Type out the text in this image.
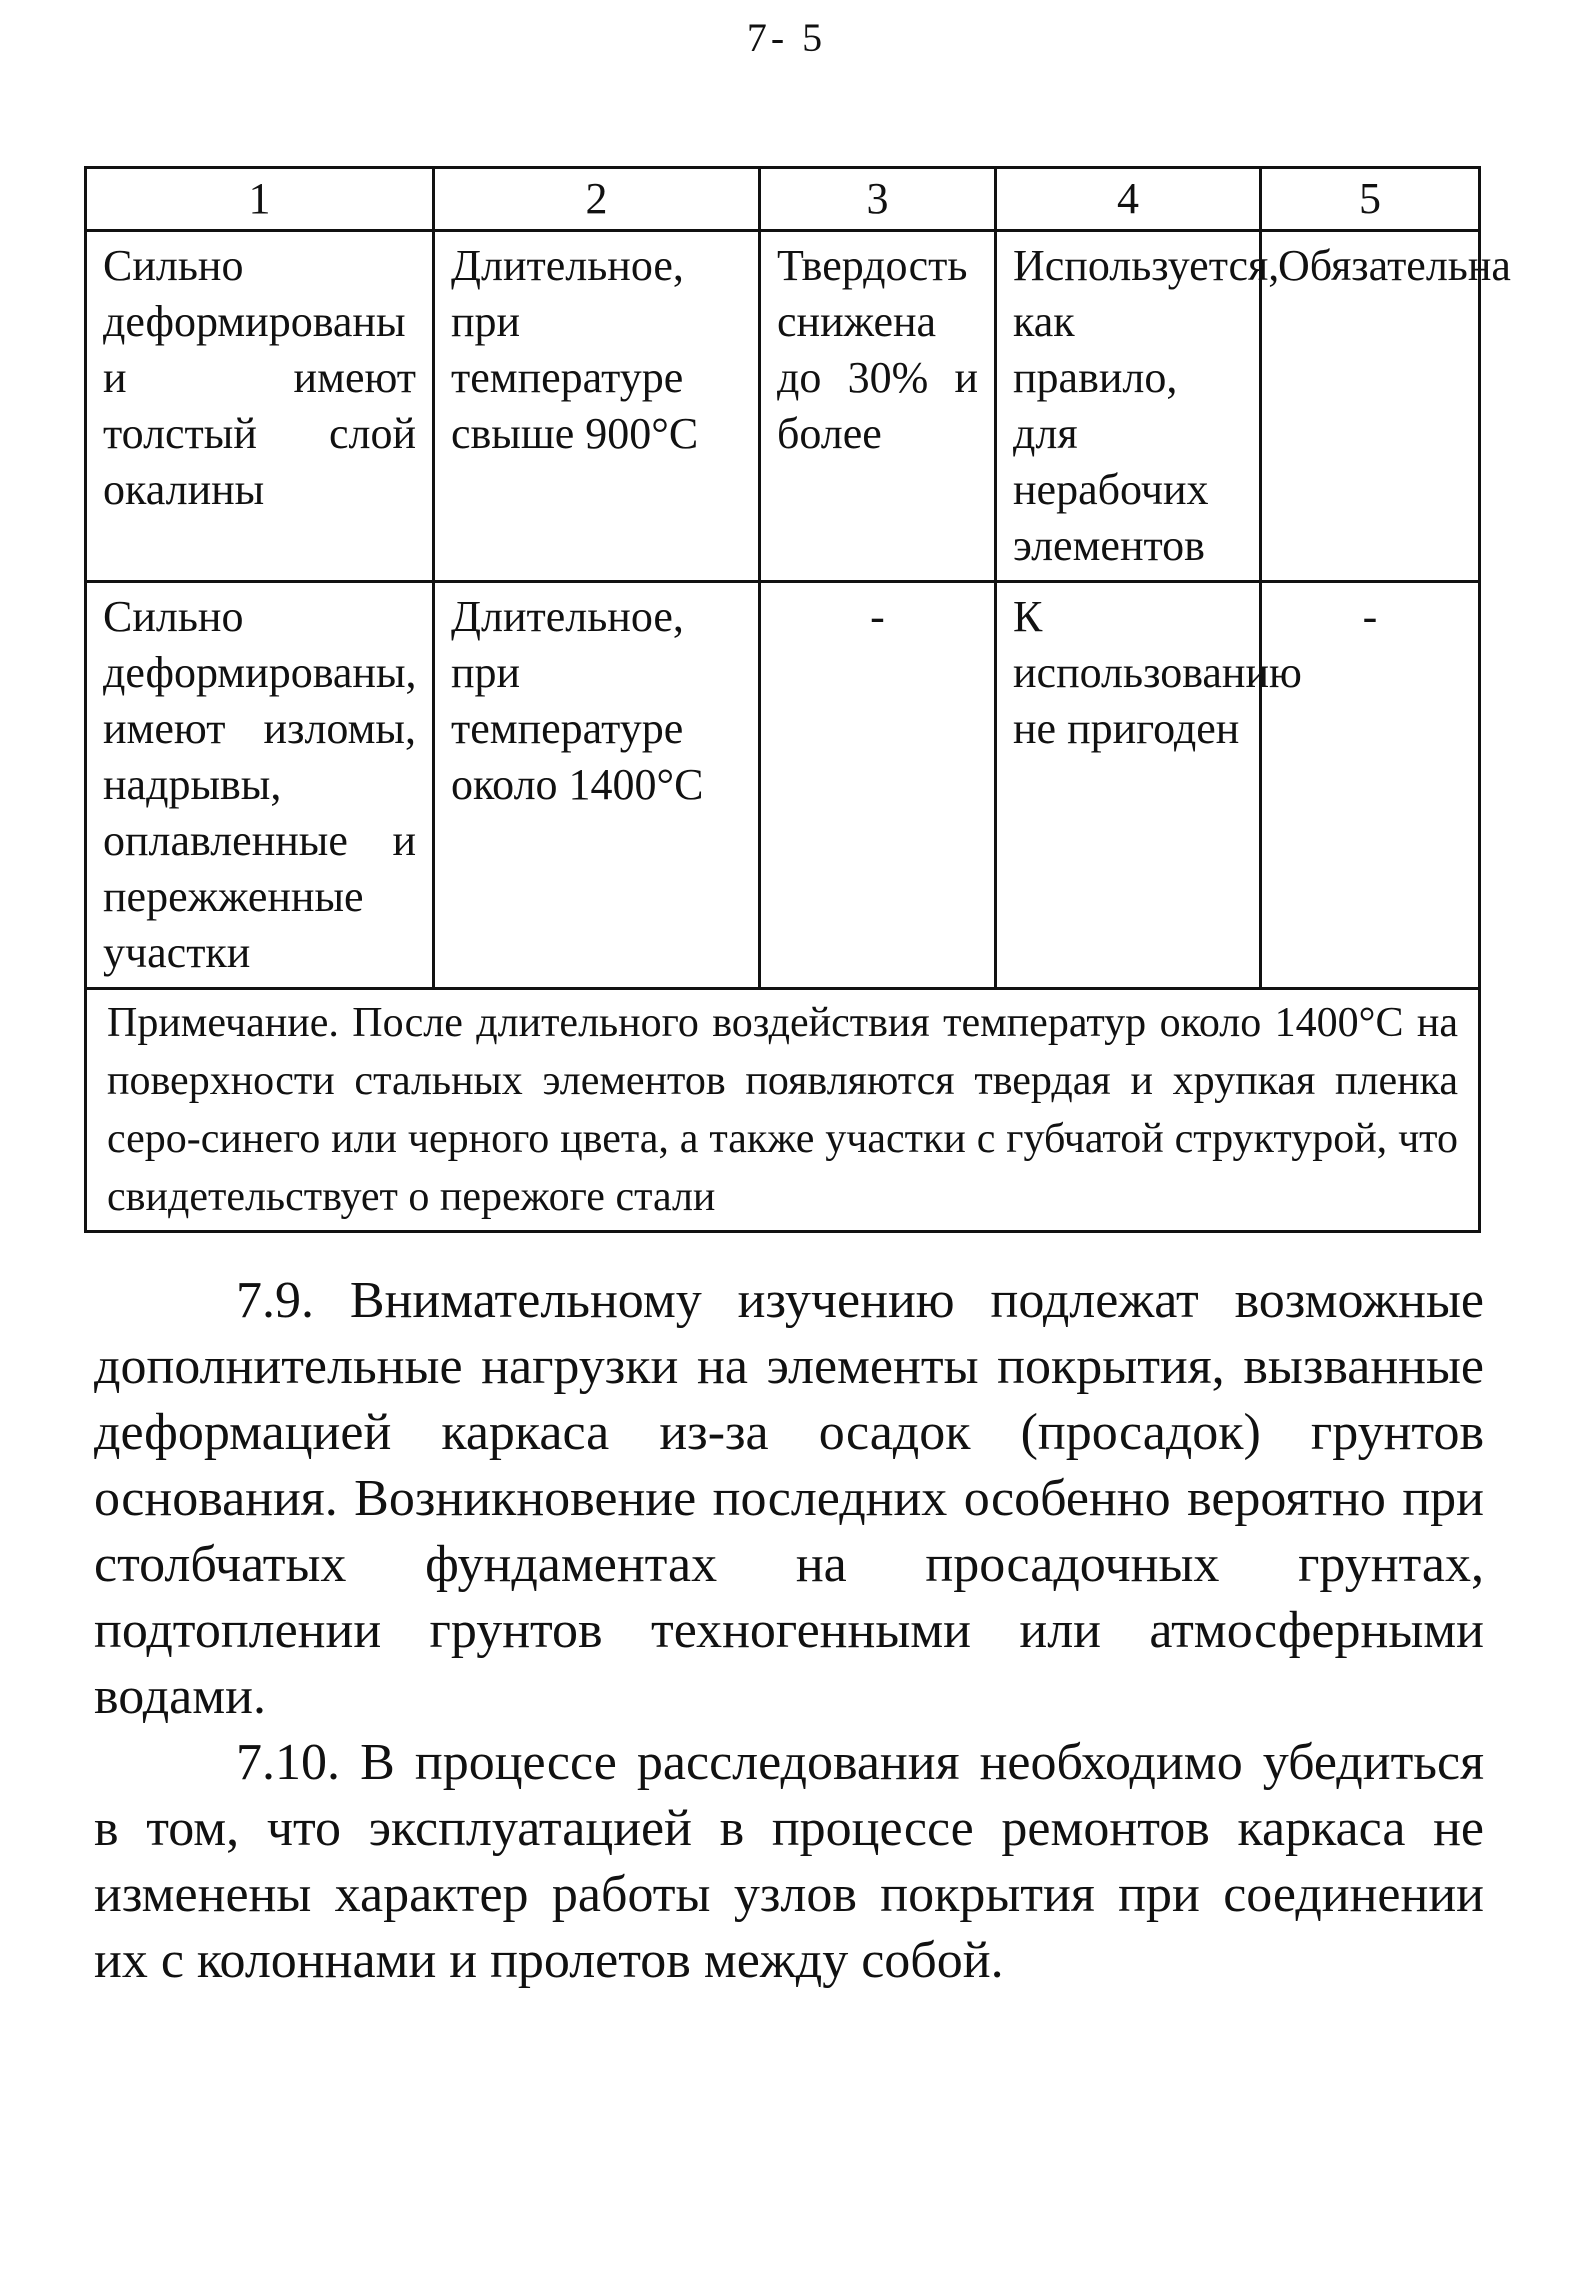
7- 5
1	2	3	4	5
Сильно деформированы и имеют толстый слой окалины	Длительное, при температуре свыше 900°C	Твердость снижена до 30% и более	Используется, как правило, для нерабочих элементов	Обязательна
Сильно деформированы, имеют изломы, надрывы, оплавленные и пережженные участки	Длительное, при температуре около 1400°C	-	К использованию не пригоден	-
Примечание. После длительного воздействия температур около 1400°С на поверхности стальных элементов появляются твердая и хрупкая пленка серо-синего или черного цвета, а также участки с губчатой структурой, что свидетельствует о пережоге стали				

7.9. Внимательному изучению подлежат возможные дополнительные нагрузки на элементы покрытия, вызванные деформацией каркаса из-за осадок (просадок) грунтов основания. Возникновение последних особенно вероятно при столбчатых фундаментах на просадочных грунтах, подтоплении грунтов техногенными или атмосферными водами.

7.10. В процессе расследования необходимо убедиться в том, что эксплуатацией в процессе ремонтов каркаса не изменены характер работы узлов покрытия при соединении их с колоннами и пролетов между собой.
